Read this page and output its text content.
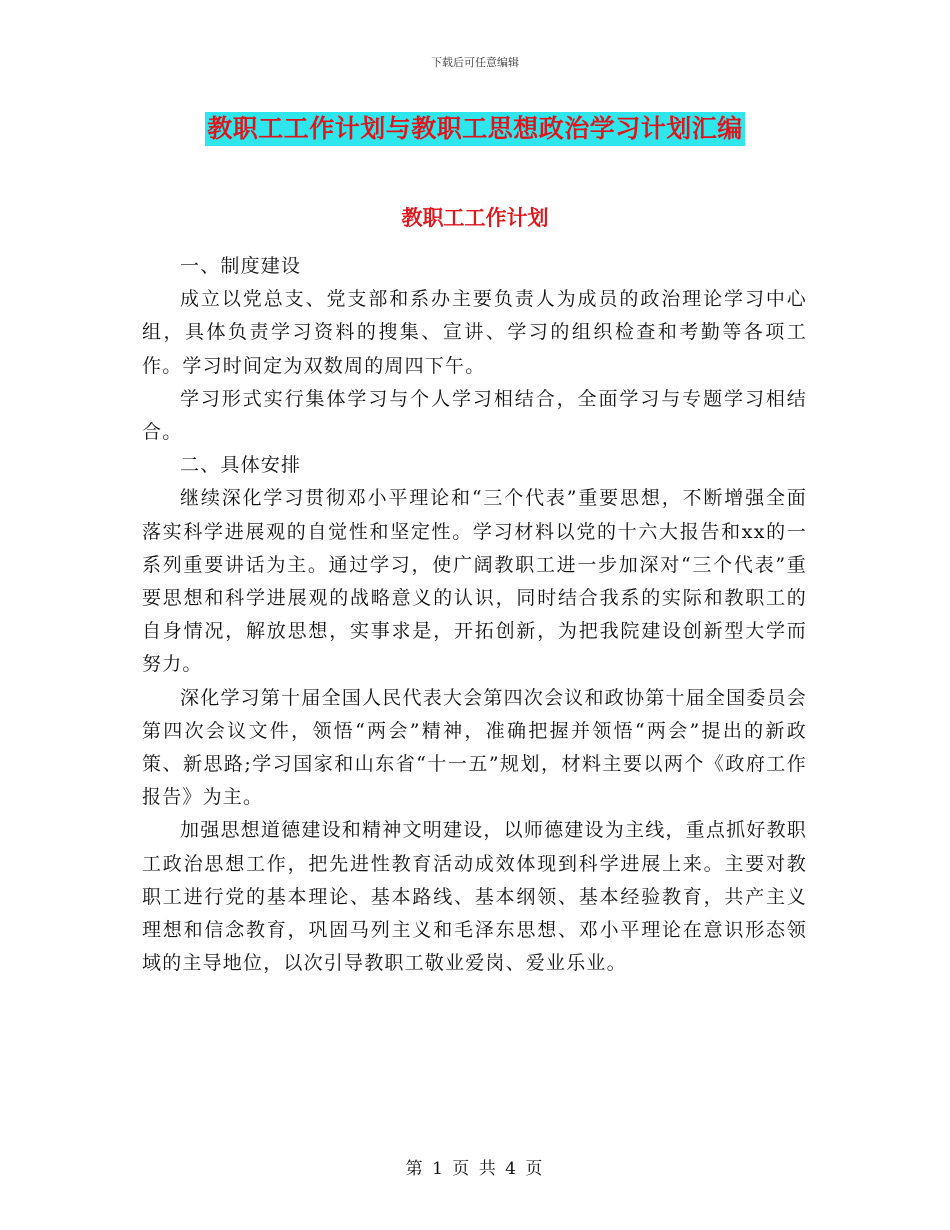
下载后可任意编辑
教职工工作计划与教职工思想政治学习计划汇编
教职工工作计划

一、制度建设

成立以党总支、党支部和系办主要负责人为成员的政治理论学习中心组，具体负责学习资料的搜集、宣讲、学习的组织检查和考勤等各项工作。学习时间定为双数周的周四下午。

学习形式实行集体学习与个人学习相结合，全面学习与专题学习相结合。

二、具体安排

继续深化学习贯彻邓小平理论和“三个代表”重要思想，不断增强全面落实科学进展观的自觉性和坚定性。学习材料以党的十六大报告和xx的一系列重要讲话为主。通过学习，使广阔教职工进一步加深对“三个代表”重要思想和科学进展观的战略意义的认识，同时结合我系的实际和教职工的自身情况，解放思想，实事求是，开拓创新，为把我院建设创新型大学而努力。

深化学习第十届全国人民代表大会第四次会议和政协第十届全国委员会第四次会议文件，领悟“两会”精神，准确把握并领悟“两会”提出的新政策、新思路;学习国家和山东省“十一五”规划，材料主要以两个《政府工作报告》为主。

加强思想道德建设和精神文明建设，以师德建设为主线，重点抓好教职工政治思想工作，把先进性教育活动成效体现到科学进展上来。主要对教职工进行党的基本理论、基本路线、基本纲领、基本经验教育，共产主义理想和信念教育，巩固马列主义和毛泽东思想、邓小平理论在意识形态领域的主导地位，以次引导教职工敬业爱岗、爱业乐业。

第 1 页 共 4 页
